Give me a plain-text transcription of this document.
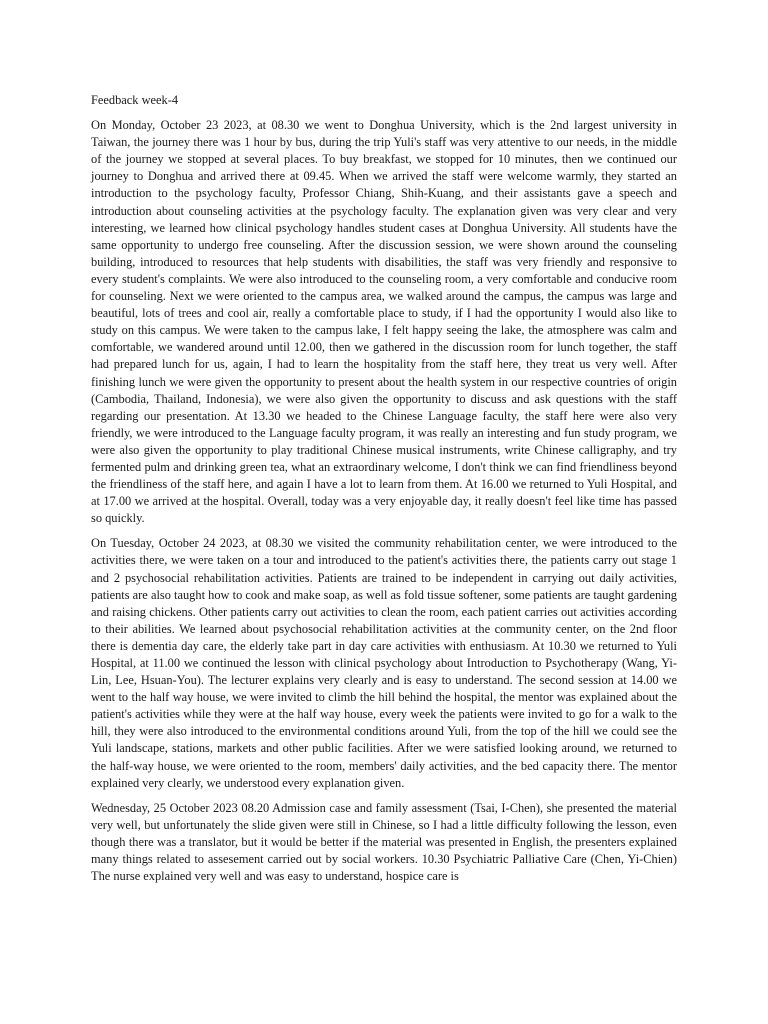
Feedback week-4

On Monday, October 23 2023, at 08.30 we went to Donghua University, which is the 2nd largest university in Taiwan, the journey there was 1 hour by bus, during the trip Yuli's staff was very attentive to our needs, in the middle of the journey we stopped at several places. To buy breakfast, we stopped for 10 minutes, then we continued our journey to Donghua and arrived there at 09.45. When we arrived the staff were welcome warmly, they started an introduction to the psychology faculty, Professor Chiang, Shih-Kuang, and their assistants gave a speech and introduction about counseling activities at the psychology faculty. The explanation given was very clear and very interesting, we learned how clinical psychology handles student cases at Donghua University. All students have the same opportunity to undergo free counseling. After the discussion session, we were shown around the counseling building, introduced to resources that help students with disabilities, the staff was very friendly and responsive to every student's complaints. We were also introduced to the counseling room, a very comfortable and conducive room for counseling. Next we were oriented to the campus area, we walked around the campus, the campus was large and beautiful, lots of trees and cool air, really a comfortable place to study, if I had the opportunity I would also like to study on this campus. We were taken to the campus lake, I felt happy seeing the lake, the atmosphere was calm and comfortable, we wandered around until 12.00, then we gathered in the discussion room for lunch together, the staff had prepared lunch for us, again, I had to learn the hospitality from the staff here, they treat us very well. After finishing lunch we were given the opportunity to present about the health system in our respective countries of origin (Cambodia, Thailand, Indonesia), we were also given the opportunity to discuss and ask questions with the staff regarding our presentation. At 13.30 we headed to the Chinese Language faculty, the staff here were also very friendly, we were introduced to the Language faculty program, it was really an interesting and fun study program, we were also given the opportunity to play traditional Chinese musical instruments, write Chinese calligraphy, and try fermented pulm and drinking green tea, what an extraordinary welcome, I don't think we can find friendliness beyond the friendliness of the staff here, and again I have a lot to learn from them. At 16.00 we returned to Yuli Hospital, and at 17.00 we arrived at the hospital. Overall, today was a very enjoyable day, it really doesn't feel like time has passed so quickly.

On Tuesday, October 24 2023, at 08.30 we visited the community rehabilitation center, we were introduced to the activities there, we were taken on a tour and introduced to the patient's activities there, the patients carry out stage 1 and 2 psychosocial rehabilitation activities. Patients are trained to be independent in carrying out daily activities, patients are also taught how to cook and make soap, as well as fold tissue softener, some patients are taught gardening and raising chickens. Other patients carry out activities to clean the room, each patient carries out activities according to their abilities. We learned about psychosocial rehabilitation activities at the community center, on the 2nd floor there is dementia day care, the elderly take part in day care activities with enthusiasm. At 10.30 we returned to Yuli Hospital, at 11.00 we continued the lesson with clinical psychology about Introduction to Psychotherapy (Wang, Yi-Lin, Lee, Hsuan-You). The lecturer explains very clearly and is easy to understand. The second session at 14.00 we went to the half way house, we were invited to climb the hill behind the hospital, the mentor was explained about the patient's activities while they were at the half way house, every week the patients were invited to go for a walk to the hill, they were also introduced to the environmental conditions around Yuli, from the top of the hill we could see the Yuli landscape, stations, markets and other public facilities. After we were satisfied looking around, we returned to the half-way house, we were oriented to the room, members' daily activities, and the bed capacity there. The mentor explained very clearly, we understood every explanation given.

Wednesday, 25 October 2023 08.20 Admission case and family assessment (Tsai, I-Chen), she presented the material very well, but unfortunately the slide given were still in Chinese, so I had a little difficulty following the lesson, even though there was a translator, but it would be better if the material was presented in English, the presenters explained many things related to assesement carried out by social workers. 10.30 Psychiatric Palliative Care (Chen, Yi-Chien) The nurse explained very well and was easy to understand, hospice care is
